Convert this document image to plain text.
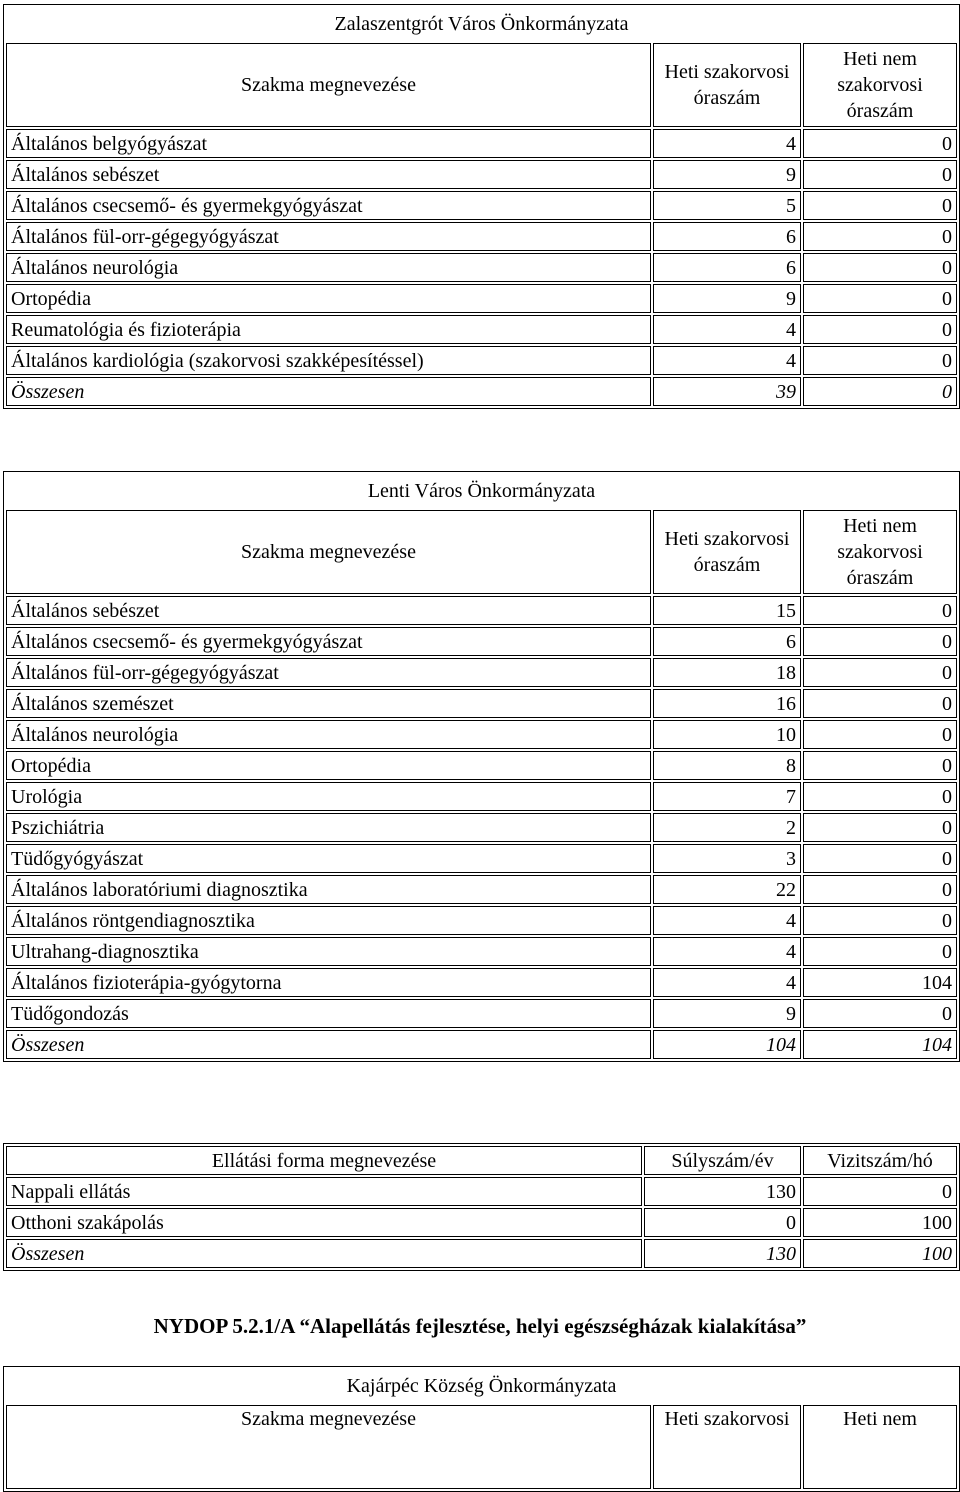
Zalaszentgrót Város Önkormányzata		
Szakma megnevezése	Heti szakorvosi óraszám	Heti nem szakorvosi óraszám
Általános belgyógyászat	4	0
Általános sebészet	9	0
Általános csecsemő- és gyermekgyógyászat	5	0
Általános fül-orr-gégegyógyászat	6	0
Általános neurológia	6	0
Ortopédia	9	0
Reumatológia és fizioterápia	4	0
Általános kardiológia (szakorvosi szakképesítéssel)	4	0
Összesen	39	0
Lenti Város Önkormányzata		
Szakma megnevezése	Heti szakorvosi óraszám	Heti nem szakorvosi óraszám
Általános sebészet	15	0
Általános csecsemő- és gyermekgyógyászat	6	0
Általános fül-orr-gégegyógyászat	18	0
Általános szemészet	16	0
Általános neurológia	10	0
Ortopédia	8	0
Urológia	7	0
Pszichiátria	2	0
Tüdőgyógyászat	3	0
Általános laboratóriumi diagnosztika	22	0
Általános röntgendiagnosztika	4	0
Ultrahang-diagnosztika	4	0
Általános fizioterápia-gyógytorna	4	104
Tüdőgondozás	9	0
Összesen	104	104
Ellátási forma megnevezése	Súlyszám/év	Vizitszám/hó
Nappali ellátás	130	0
Otthoni szakápolás	0	100
Összesen	130	100
NYDOP 5.2.1/A “Alapellátás fejlesztése, helyi egészségházak kialakítása”
Kajárpéc Község Önkormányzata
Szakma megnevezése	Heti szakorvosi	Heti nem
